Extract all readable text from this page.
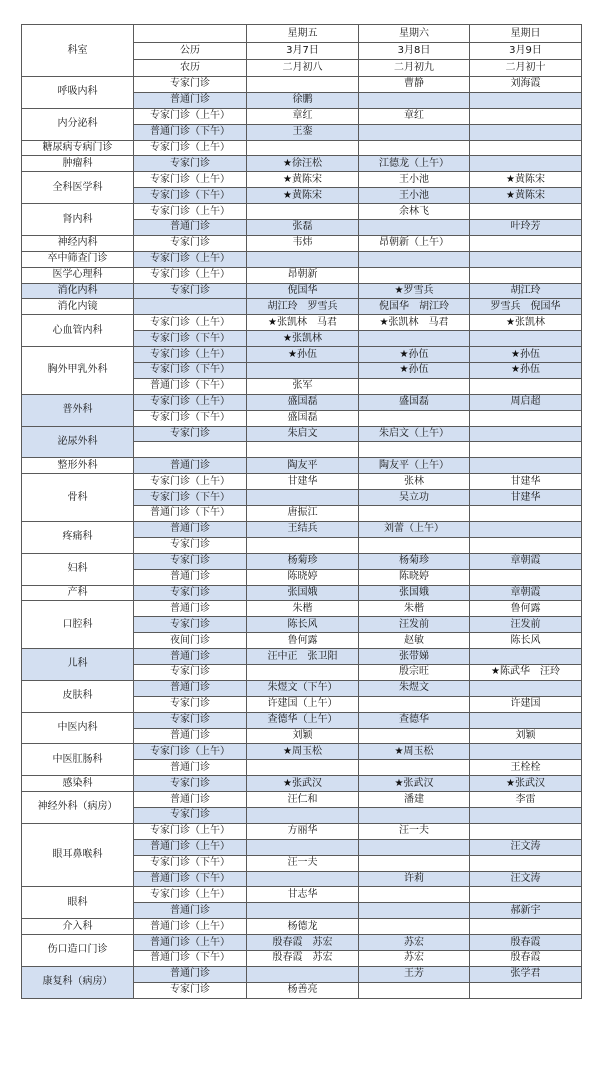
科室		星期五	星期六	星期日
	公历	3月7日	3月8日	3月9日
	农历	二月初八	二月初九	二月初十
呼吸内科	专家门诊		曹静	刘海霞
	普通门诊	徐鹏		
内分泌科	专家门诊（上午）	章红	章红	
	普通门诊（下午）	王銮		
糖尿病专病门诊	专家门诊（上午）			
肿瘤科	专家门诊	★徐汪松	江德龙（上午）	
全科医学科	专家门诊（上午）	★黄陈宋	王小池	★黄陈宋
	专家门诊（下午）	★黄陈宋	王小池	★黄陈宋
肾内科	专家门诊（上午）		余林飞	
	普通门诊	张磊		叶玲芳
神经内科	专家门诊	韦炜	昂朝新（上午）	
卒中筛查门诊	专家门诊（上午）			
医学心理科	专家门诊（上午）	昂朝新		
消化内科	专家门诊	倪国华	★罗雪兵	胡江玲
消化内镜		胡江玲　罗雪兵	倪国华　胡江玲	罗雪兵　倪国华
心血管内科	专家门诊（上午）	★张凯林　马君	★张凯林　马君	★张凯林
	专家门诊（下午）	★张凯林		
胸外甲乳外科	专家门诊（上午）	★孙伍	★孙伍	★孙伍
	专家门诊（下午）		★孙伍	★孙伍
	普通门诊（下午）	张军		
普外科	专家门诊（上午）	盛国磊	盛国磊	周启超
	专家门诊（下午）	盛国磊		
泌尿外科	专家门诊	朱启文	朱启文（上午）	

整形外科	普通门诊	陶友平	陶友平（上午）	
骨科	专家门诊（上午）	甘建华	张林	甘建华
	专家门诊（下午）		吴立功	甘建华
	普通门诊（下午）	唐振江		
疼痛科	普通门诊	王结兵	刘蕾（上午）	
	专家门诊			
妇科	专家门诊	杨菊珍	杨菊珍	章朝霞
	普通门诊	陈晓婷	陈晓婷	
产科	专家门诊	张国娥	张国娥	章朝霞
口腔科	普通门诊	朱楷	朱楷	鲁何露
	专家门诊	陈长风	汪发前	汪发前
	夜间门诊	鲁何露	赵敏	陈长风
儿科	普通门诊	汪中正　张卫阳	张带娣	
	专家门诊		殷宗旺	★陈武华　汪玲
皮肤科	普通门诊	朱煜文（下午）	朱煜文	
	专家门诊	许建国（上午）		许建国
中医内科	专家门诊	查德华（上午）	查德华	
	普通门诊	刘颖		刘颖
中医肛肠科	专家门诊（上午）	★周玉松	★周玉松	
	普通门诊			王栓栓
感染科	专家门诊	★张武汉	★张武汉	★张武汉
神经外科（病房）	普通门诊	汪仁和	潘建	李雷
	专家门诊			
眼耳鼻喉科	专家门诊（上午）	方丽华	汪一夫	
	普通门诊（上午）			汪文涛
	专家门诊（下午）	汪一夫		
	普通门诊（下午）		许莉	汪文涛
眼科	专家门诊（上午）	甘志华		
	普通门诊			郝新宇
介入科	普通门诊（上午）	杨德龙		
伤口造口门诊	普通门诊（上午）	殷春霞　苏宏	苏宏	殷春霞
	普通门诊（下午）	殷春霞　苏宏	苏宏	殷春霞
康复科（病房）	普通门诊		王芳	张学君
	专家门诊	杨善亮		
